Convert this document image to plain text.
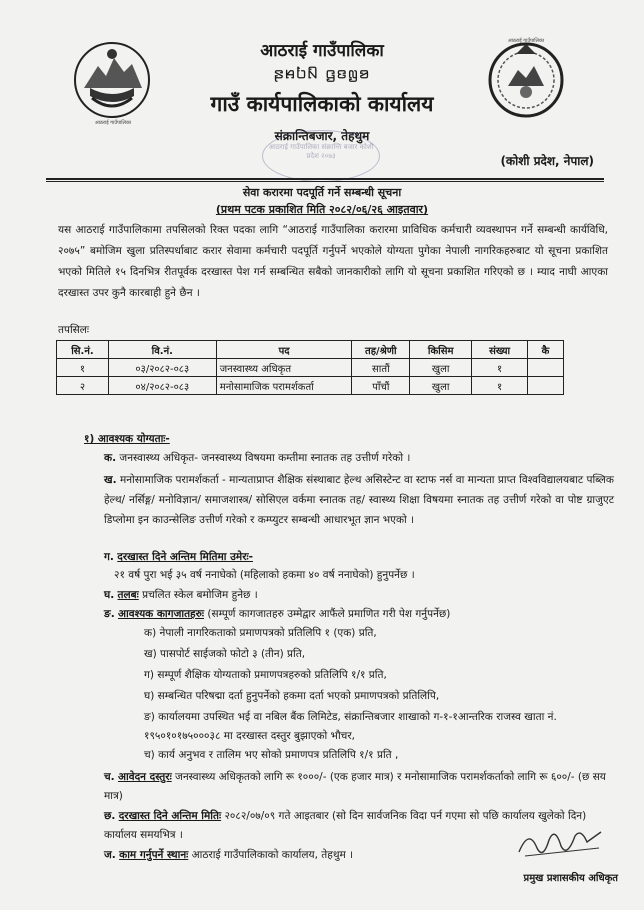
आठराई गाउँपालिका
आठराई गाउँपालिका
आठराई गाउँपालिका
ꤔꤌꤝꤡ ꤞꤢꤜꤤ
गाउँ कार्यपालिकाको कार्यालय
संक्रान्तिबजार, तेहथुम
(कोशी प्रदेश, नेपाल)
आठराई गाउँपालिका संक्रान्ति बजार कोशी प्रदेश २०७३
सेवा करारमा पदपूर्ति गर्ने सम्बन्धी सूचना
(प्रथम पटक प्रकाशित मिति २०८२/०६/२६ आइतवार)
यस आठराई गाउँपालिकामा तपसिलको रिक्त पदका लागि “आठराई गाउँपालिका करारमा प्राविधिक कर्मचारी व्यवस्थापन गर्ने सम्बन्धी कार्यविधि, २०७५” बमोजिम खुला प्रतिस्पर्धाबाट करार सेवामा कर्मचारी पदपूर्ति गर्नुपर्ने भएकोले योग्यता पुगेका नेपाली नागरिकहरुबाट यो सूचना प्रकाशित भएको मितिले १५ दिनभित्र रीतपूर्वक दरखास्त पेश गर्न सम्बन्धित सबैको जानकारीको लागि यो सूचना प्रकाशित गरिएको छ । म्याद नाघी आएका दरखास्त उपर कुनै कारबाही हुने छैन ।
तपसिलः
सि.नं.	वि.नं.	पद	तह/श्रेणी	किसिम	संख्या	कै
१	०३/२०८२-०८३	जनस्वास्थ्य अधिकृत	सातौं	खुला	१	
२	०४/२०८२-०८३	मनोसामाजिक परामर्शकर्ता	पाँचौं	खुला	१	
१) आवश्यक योग्यताः-
क. जनस्वास्थ्य अधिकृत- जनस्वास्थ्य विषयमा कम्तीमा स्नातक तह उत्तीर्ण गरेको ।
ख. मनोसामाजिक परामर्शकर्ता - मान्यताप्राप्त शैक्षिक संस्थाबाट हेल्थ असिस्टेन्ट वा स्टाफ नर्स वा मान्यता प्राप्त विश्वविद्यालयबाट पब्लिक हेल्थ/ नर्सिङ्ग/ मनोविज्ञान/ समाजशास्त्र/ सोसिएल वर्कमा स्नातक तह/ स्वास्थ्य शिक्षा विषयमा स्नातक तह उत्तीर्ण गरेको वा पोष्ट ग्राजुएट डिप्लोमा इन काउन्सेलिङ उत्तीर्ण गरेको र कम्प्युटर सम्बन्धी आधारभूत ज्ञान भएको ।
ग. दरखास्त दिने अन्तिम मितिमा उमेरः-
२१ वर्ष पुरा भई ३५ वर्ष ननाघेको (महिलाको हकमा ४० वर्ष ननाघेको) हुनुपर्नेछ ।
घ. तलबः प्रचलित स्केल बमोजिम हुनेछ ।
ङ. आवश्यक कागजातहरुः (सम्पूर्ण कागजातहरु उम्मेद्वार आफैंले प्रमाणित गरी पेश गर्नुपर्नेछ)
क) नेपाली नागरिकताको प्रमाणपत्रको प्रतिलिपि १ (एक) प्रति,
ख) पासपोर्ट साईजको फोटो ३ (तीन) प्रति,
ग) सम्पूर्ण शैक्षिक योग्यताको प्रमाणपत्रहरुको प्रतिलिपि १/१ प्रति,
घ) सम्बन्धित परिषद्मा दर्ता हुनुपर्नेको हकमा दर्ता भएको प्रमाणपत्रको प्रतिलिपि,
ङ) कार्यालयमा उपस्थित भई वा नबिल बैंक लिमिटेड, संक्रान्तिबजार शाखाको ग-१-१आन्तरिक राजस्व खाता नं. १९५०१०१७५०००३८ मा दरखास्त दस्तुर बुझाएको भौचर,
च) कार्य अनुभव र तालिम भए सोको प्रमाणपत्र प्रतिलिपि १/१ प्रति ,
च. आवेदन दस्तुरः जनस्वास्थ्य अधिकृतको लागि रू १०००/- (एक हजार मात्र) र मनोसामाजिक परामर्शकर्ताको लागि रू ६००/- (छ सय मात्र)
छ. दरखास्त दिने अन्तिम मितिः २०८२/०७/०९ गते आइतबार (सो दिन सार्वजनिक विदा पर्न गएमा सो पछि कार्यालय खुलेको दिन) कार्यालय समयभित्र ।
ज. काम गर्नुपर्ने स्थानः आठराई गाउँपालिकाको कार्यालय, तेहथुम ।
प्रमुख प्रशासकीय अधिकृत
